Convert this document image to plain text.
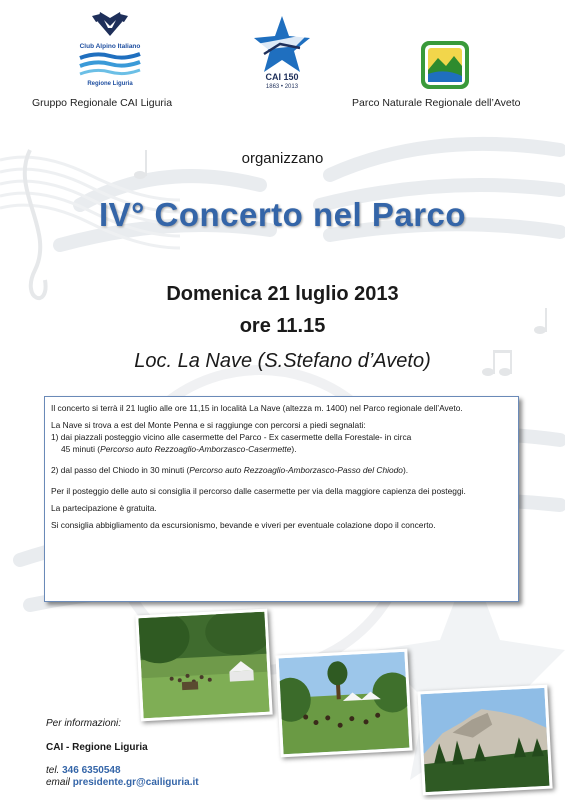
Club Alpino Italiano
Regione Liguria
CAI 150
1863 • 2013
Gruppo Regionale CAI Liguria	Parco Naturale Regionale dell’Aveto
organizzano
IV° Concerto nel Parco
Domenica 21 luglio 2013
ore 11.15
Loc. La Nave (S.Stefano d’Aveto)

Il concerto si terrà il 21 luglio alle ore 11,15 in località La Nave (altezza m. 1400) nel Parco regionale dell’Aveto.

La Nave si trova a est del Monte Penna e si raggiunge con percorsi a piedi segnalati:

1) dai piazzali posteggio vicino alle casermette del Parco - Ex casermette della Forestale- in circa
45 minuti (Percorso auto Rezzoaglio-Amborzasco-Casermette).

2) dal passo del Chiodo in 30 minuti (Percorso auto Rezzoaglio-Amborzasco-Passo del Chiodo).

Per il posteggio delle auto si consiglia il percorso dalle casermette per via della maggiore capienza dei posteggi.

La partecipazione è gratuita.

Si consiglia abbigliamento da escursionismo, bevande e viveri per eventuale colazione dopo il concerto.

Per informazioni:
CAI - Regione Liguria
tel. 346 6350548
email presidente.gr@cailiguria.it
